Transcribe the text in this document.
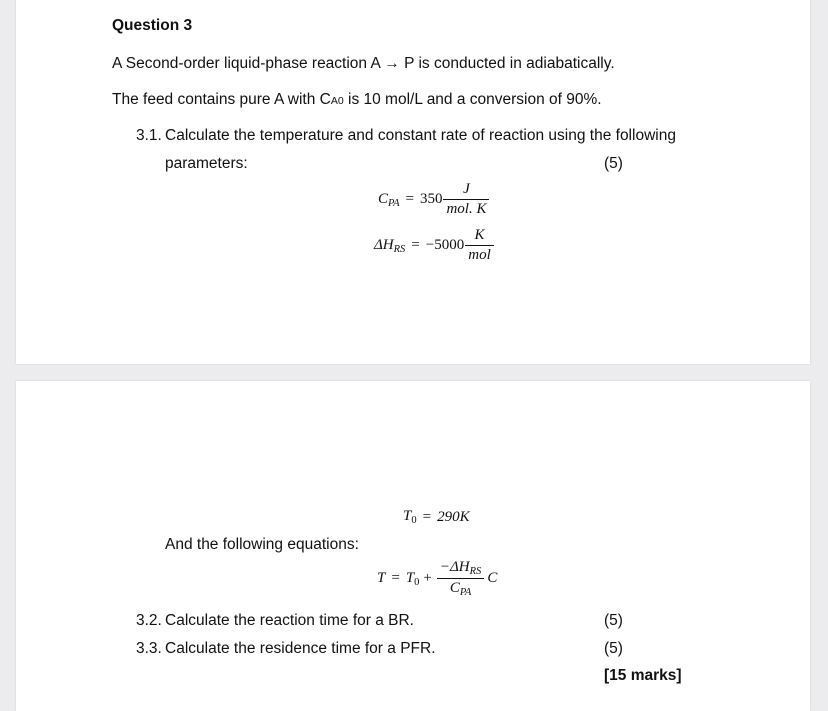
Question 3
A Second-order liquid-phase reaction A → P is conducted in adiabatically.
The feed contains pure A with CA0 is 10 mol/L and a conversion of 90%.
3.1. Calculate the temperature and constant rate of reaction using the following
parameters:	(5)
$C_{PA} = 350 \frac{J}{\text{mol. K}}$
$\Delta H_{RS} = -5000 \frac{K}{\text{mol}}$
$T_0 = 290K$
And the following equations:
$T = T_0 + \frac{-\Delta H_{RS}}{C_{PA}}$ C
3.2. Calculate the reaction time for a BR.	(5)
3.3. Calculate the residence time for a PFR.	(5)
[15 marks]
